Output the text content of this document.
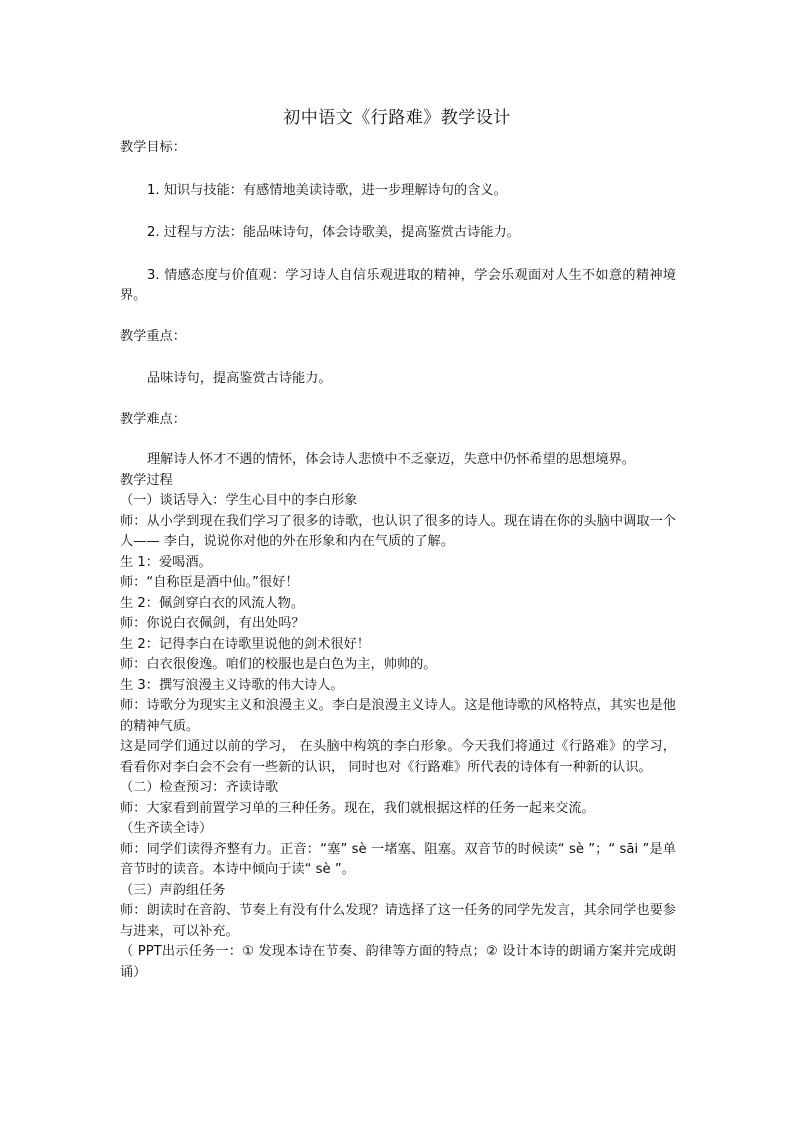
初中语文《行路难》教学设计

教学目标：

1. 知识与技能：有感情地美读诗歌，进一步理解诗句的含义。

2. 过程与方法：能品味诗句，体会诗歌美，提高鉴赏古诗能力。

3. 情感态度与价值观：学习诗人自信乐观进取的精神，学会乐观面对人生不如意的精神境界。

教学重点：

品味诗句，提高鉴赏古诗能力。

教学难点：

理解诗人怀才不遇的情怀，体会诗人悲愤中不乏豪迈，失意中仍怀希望的思想境界。

教学过程

（一）谈话导入：学生心目中的李白形象

师：从小学到现在我们学习了很多的诗歌，也认识了很多的诗人。现在请在你的头脑中调取一个人—— 李白，说说你对他的外在形象和内在气质的了解。

生 1：爱喝酒。

师：“自称臣是酒中仙。”很好！

生 2：佩剑穿白衣的风流人物。

师：你说白衣佩剑，有出处吗？

生 2：记得李白在诗歌里说他的剑术很好！

师：白衣很俊逸。咱们的校服也是白色为主，帅帅的。

生 3：撰写浪漫主义诗歌的伟大诗人。

师：诗歌分为现实主义和浪漫主义。李白是浪漫主义诗人。这是他诗歌的风格特点，其实也是他的精神气质。

这是同学们通过以前的学习， 在头脑中构筑的李白形象。今天我们将通过《行路难》的学习，看看你对李白会不会有一些新的认识， 同时也对《行路难》所代表的诗体有一种新的认识。

（二）检查预习：齐读诗歌

师：大家看到前置学习单的三种任务。现在，我们就根据这样的任务一起来交流。

（生齐读全诗）

师：同学们读得齐整有力。正音：“塞” sè 一堵塞、阻塞。双音节的时候读“ sè ”；“ sāi ”是单音节时的读音。本诗中倾向于读“ sè ”。

（三）声韵组任务

师：朗读时在音韵、节奏上有没有什么发现？请选择了这一任务的同学先发言，其余同学也要参与进来，可以补充。

（ PPT出示任务一：① 发现本诗在节奏、韵律等方面的特点；② 设计本诗的朗诵方案并完成朗诵）
